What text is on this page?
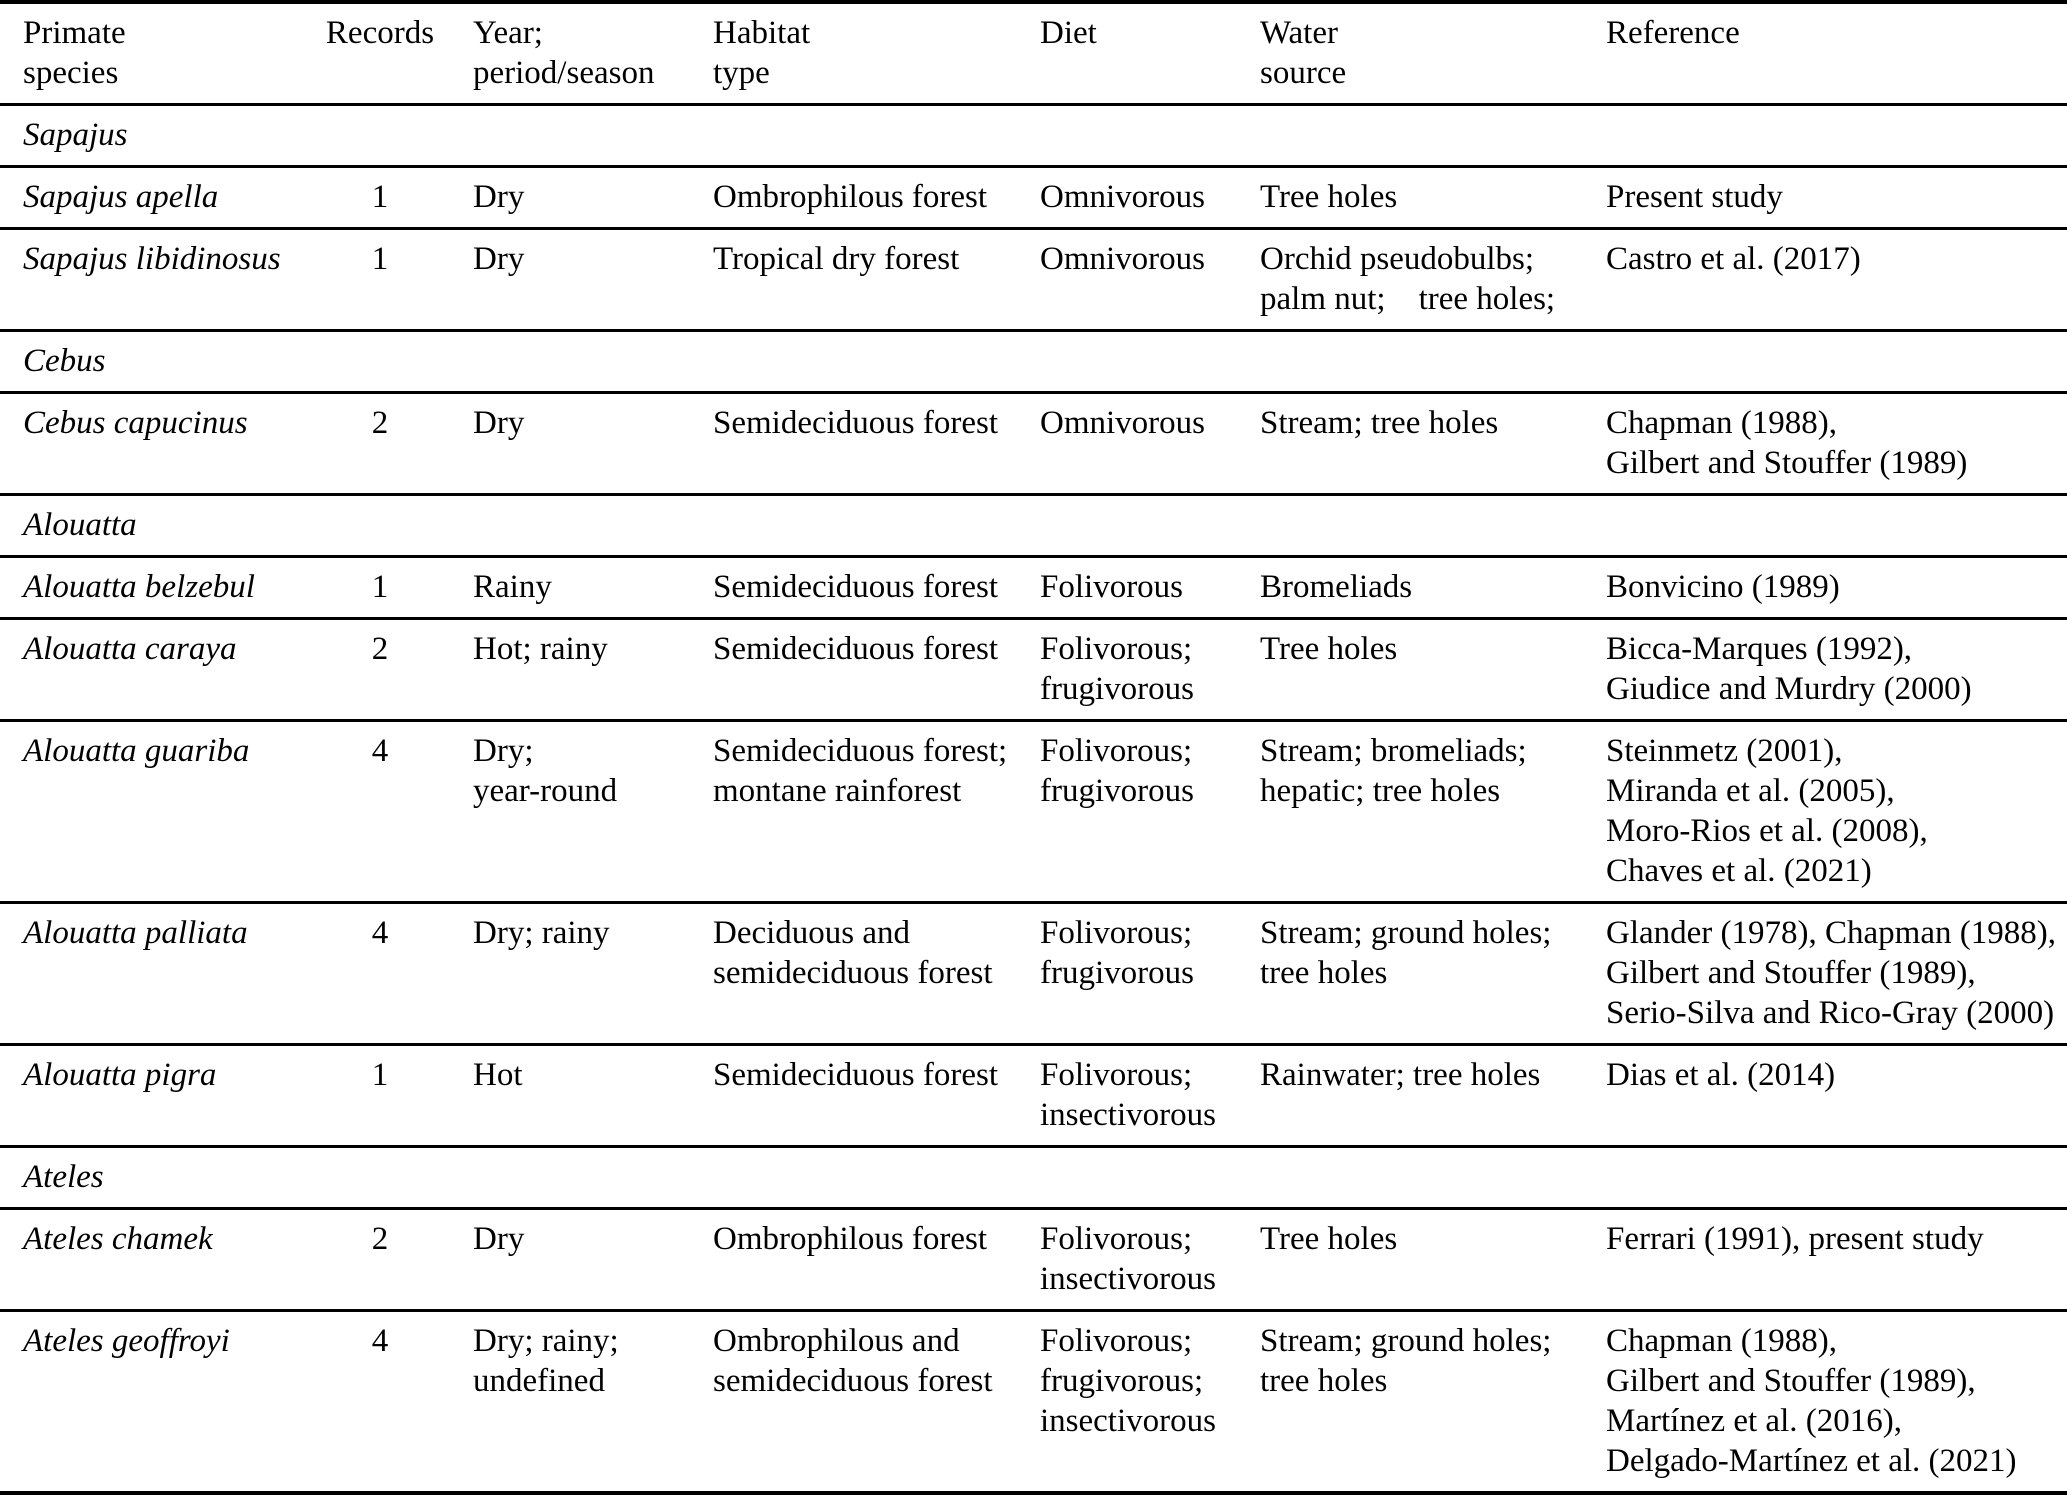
Primate
species	Records	Year;
period/season	Habitat
type	Diet	Water
source	Reference
Sapajus						
Sapajus apella	1	Dry	Ombrophilous forest	Omnivorous	Tree holes	Present study
Sapajus libidinosus	1	Dry	Tropical dry forest	Omnivorous	Orchid pseudobulbs;
palm nut; tree holes;	Castro et al. (2017)
Cebus						
Cebus capucinus	2	Dry	Semideciduous forest	Omnivorous	Stream; tree holes	Chapman (1988),
Gilbert and Stouffer (1989)
Alouatta						
Alouatta belzebul	1	Rainy	Semideciduous forest	Folivorous	Bromeliads	Bonvicino (1989)
Alouatta caraya	2	Hot; rainy	Semideciduous forest	Folivorous;
frugivorous	Tree holes	Bicca-Marques (1992),
Giudice and Murdry (2000)
Alouatta guariba	4	Dry;
year-round	Semideciduous forest;
montane rainforest	Folivorous;
frugivorous	Stream; bromeliads;
hepatic; tree holes	Steinmetz (2001),
Miranda et al. (2005),
Moro-Rios et al. (2008),
Chaves et al. (2021)
Alouatta palliata	4	Dry; rainy	Deciduous and
semideciduous forest	Folivorous;
frugivorous	Stream; ground holes;
tree holes	Glander (1978), Chapman (1988),
Gilbert and Stouffer (1989),
Serio-Silva and Rico-Gray (2000)
Alouatta pigra	1	Hot	Semideciduous forest	Folivorous;
insectivorous	Rainwater; tree holes	Dias et al. (2014)
Ateles						
Ateles chamek	2	Dry	Ombrophilous forest	Folivorous;
insectivorous	Tree holes	Ferrari (1991), present study
Ateles geoffroyi	4	Dry; rainy;
undefined	Ombrophilous and
semideciduous forest	Folivorous;
frugivorous;
insectivorous	Stream; ground holes;
tree holes	Chapman (1988),
Gilbert and Stouffer (1989),
Martínez et al. (2016),
Delgado-Martínez et al. (2021)
